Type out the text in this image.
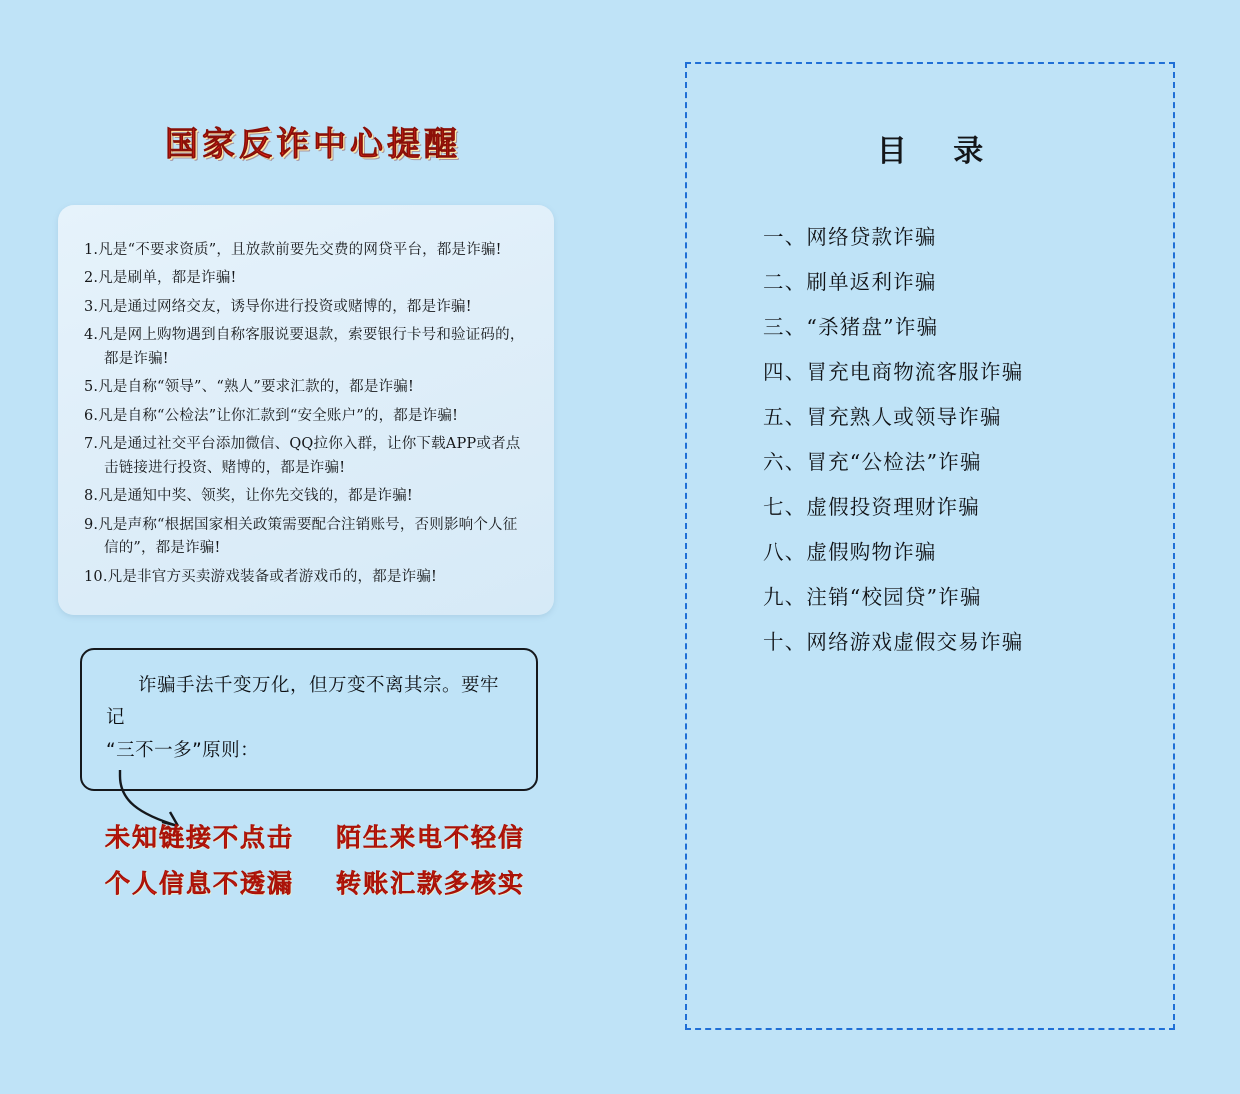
国家反诈中心提醒
1.凡是“不要求资质”，且放款前要先交费的网贷平台，都是诈骗!
2.凡是刷单，都是诈骗!
3.凡是通过网络交友，诱导你进行投资或赌博的，都是诈骗!
4.凡是网上购物遇到自称客服说要退款，索要银行卡号和验证码的，都是诈骗!
5.凡是自称“领导”、“熟人”要求汇款的，都是诈骗!
6.凡是自称“公检法”让你汇款到“安全账户”的，都是诈骗!
7.凡是通过社交平台添加微信、QQ拉你入群，让你下载APP或者点击链接进行投资、赌博的，都是诈骗!
8.凡是通知中奖、领奖，让你先交钱的，都是诈骗!
9.凡是声称“根据国家相关政策需要配合注销账号，否则影响个人征信的”，都是诈骗!
10.凡是非官方买卖游戏装备或者游戏币的，都是诈骗!

诈骗手法千变万化，但万变不离其宗。要牢记

“三不一多”原则：

未知链接不点击 陌生来电不轻信
个人信息不透漏 转账汇款多核实
目 录
一、网络贷款诈骗
二、刷单返利诈骗
三、“杀猪盘”诈骗
四、冒充电商物流客服诈骗
五、冒充熟人或领导诈骗
六、冒充“公检法”诈骗
七、虚假投资理财诈骗
八、虚假购物诈骗
九、注销“校园贷”诈骗
十、网络游戏虚假交易诈骗
